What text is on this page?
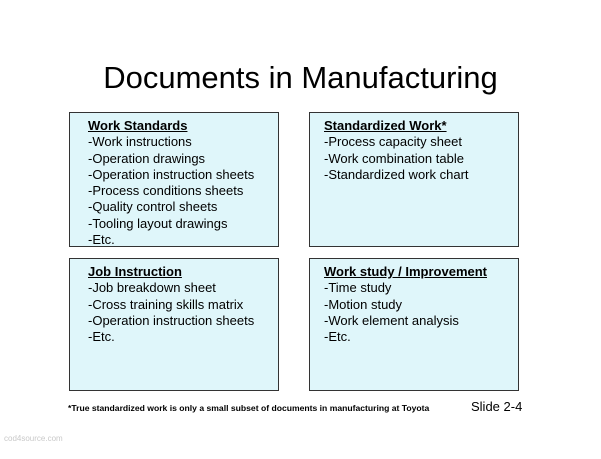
Documents in Manufacturing
Work Standards
-Work instructions
-Operation drawings
-Operation instruction sheets
-Process conditions sheets
-Quality control sheets
-Tooling layout drawings
-Etc.
Standardized Work*
-Process capacity sheet
-Work combination table
-Standardized work chart
Job Instruction
-Job breakdown sheet
-Cross training skills matrix
-Operation instruction sheets
-Etc.
Work study / Improvement
-Time study
-Motion study
-Work element analysis
-Etc.
*True standardized work is only a small subset of documents in manufacturing at Toyota	Slide 2-4
cod4source.com
